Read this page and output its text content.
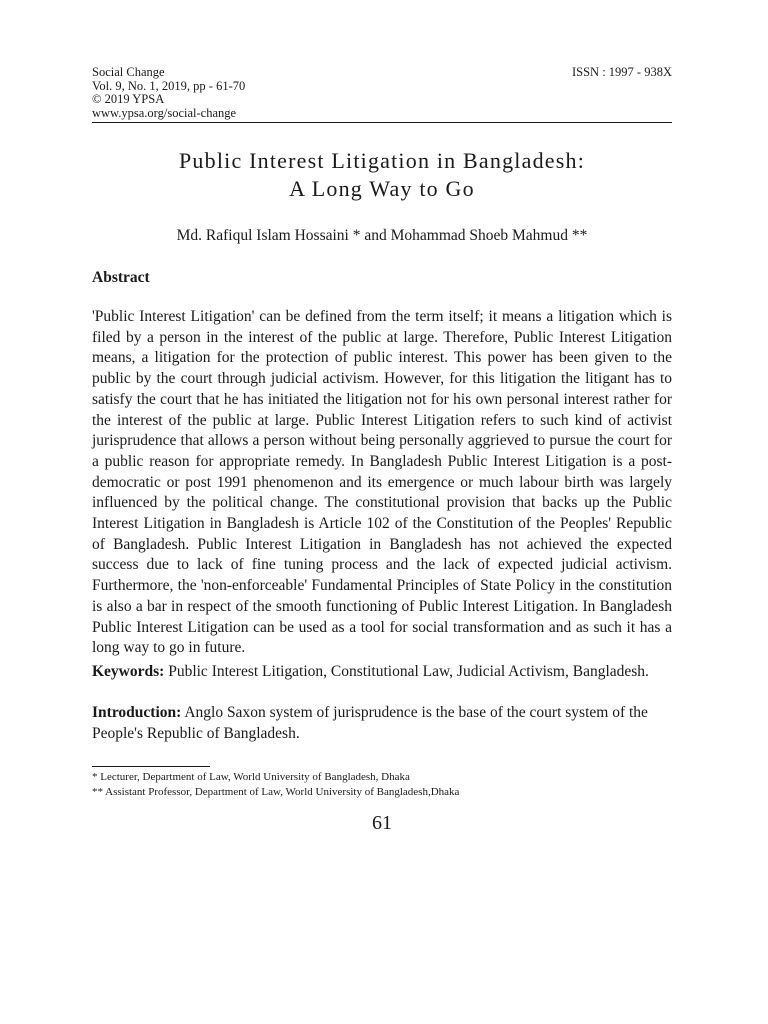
Social Change
Vol. 9, No. 1, 2019, pp - 61-70
© 2019 YPSA
www.ypsa.org/social-change
ISSN : 1997 - 938X
Public Interest Litigation in Bangladesh:
A Long Way to Go
Md. Rafiqul Islam Hossaini * and Mohammad Shoeb Mahmud **
Abstract
'Public Interest Litigation' can be defined from the term itself; it means a litigation which is filed by a person in the interest of the public at large. Therefore, Public Interest Litigation means, a litigation for the protection of public interest. This power has been given to the public by the court through judicial activism. However, for this litigation the litigant has to satisfy the court that he has initiated the litigation not for his own personal interest rather for the interest of the public at large. Public Interest Litigation refers to such kind of activist jurisprudence that allows a person without being personally aggrieved to pursue the court for a public reason for appropriate remedy. In Bangladesh Public Interest Litigation is a post-democratic or post 1991 phenomenon and its emergence or much labour birth was largely influenced by the political change. The constitutional provision that backs up the Public Interest Litigation in Bangladesh is Article 102 of the Constitution of the Peoples' Republic of Bangladesh. Public Interest Litigation in Bangladesh has not achieved the expected success due to lack of fine tuning process and the lack of expected judicial activism. Furthermore, the 'non-enforceable' Fundamental Principles of State Policy in the constitution is also a bar in respect of the smooth functioning of Public Interest Litigation. In Bangladesh Public Interest Litigation can be used as a tool for social transformation and as such it has a long way to go in future.
Keywords: Public Interest Litigation, Constitutional Law, Judicial Activism, Bangladesh.
Introduction: Anglo Saxon system of jurisprudence is the base of the court system of the People's Republic of Bangladesh.
* Lecturer, Department of Law, World University of Bangladesh, Dhaka
** Assistant Professor, Department of Law, World University of Bangladesh,Dhaka
61
